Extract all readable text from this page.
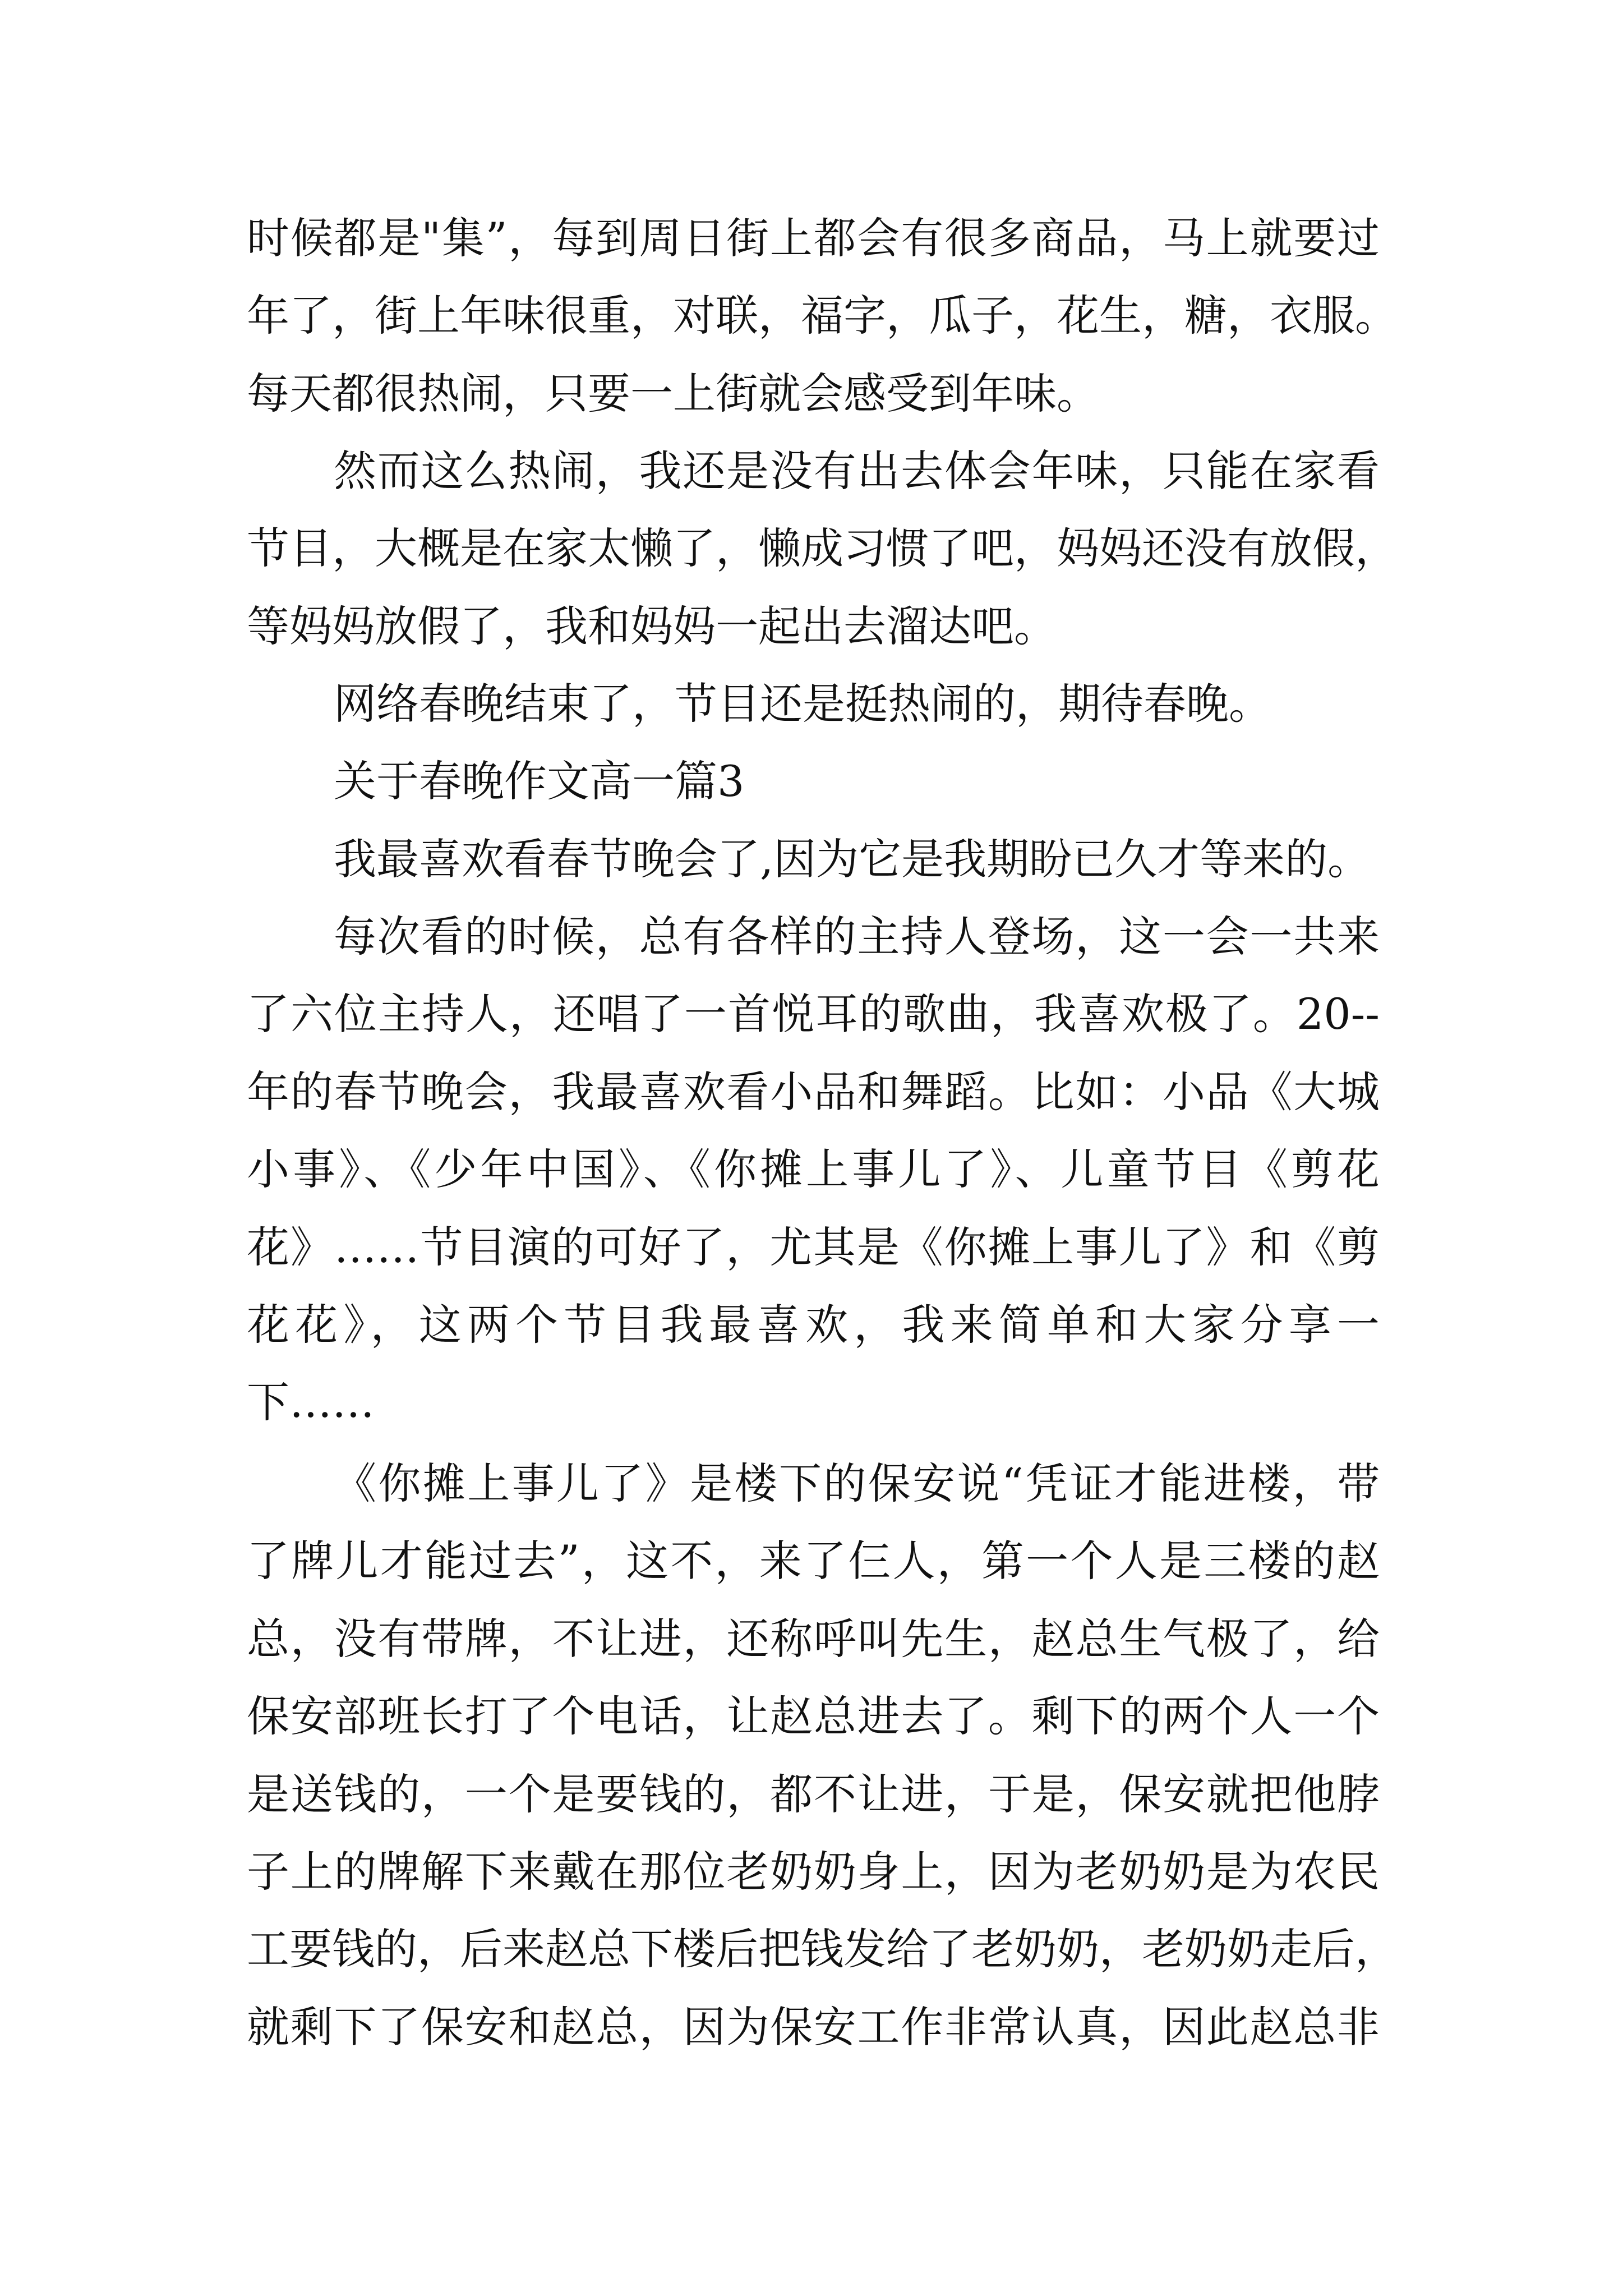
时候都是"集”，每到周日街上都会有很多商品，马上就要过
年了，街上年味很重，对联，福字，瓜子，花生，糖，衣服。
每天都很热闹，只要一上街就会感受到年味。
然而这么热闹，我还是没有出去体会年味，只能在家看
节目，大概是在家太懒了，懒成习惯了吧，妈妈还没有放假，
等妈妈放假了，我和妈妈一起出去溜达吧。
网络春晚结束了，节目还是挺热闹的，期待春晚。
关于春晚作文高一篇3
我最喜欢看春节晚会了,因为它是我期盼已久才等来的。
每次看的时候，总有各样的主持人登场，这一会一共来
了六位主持人，还唱了一首悦耳的歌曲，我喜欢极了。20--
年的春节晚会，我最喜欢看小品和舞蹈。比如：小品《大城
小事》、《少年中国》、《你摊上事儿了》、儿童节目《剪花
花》……节目演的可好了，尤其是《你摊上事儿了》和《剪
花花》，这两个节目我最喜欢，我来简单和大家分享一
下……
《你摊上事儿了》是楼下的保安说“凭证才能进楼，带
了牌儿才能过去”，这不，来了仨人，第一个人是三楼的赵
总，没有带牌，不让进，还称呼叫先生，赵总生气极了，给
保安部班长打了个电话，让赵总进去了。剩下的两个人一个
是送钱的，一个是要钱的，都不让进，于是，保安就把他脖
子上的牌解下来戴在那位老奶奶身上，因为老奶奶是为农民
工要钱的，后来赵总下楼后把钱发给了老奶奶，老奶奶走后，
就剩下了保安和赵总，因为保安工作非常认真，因此赵总非
